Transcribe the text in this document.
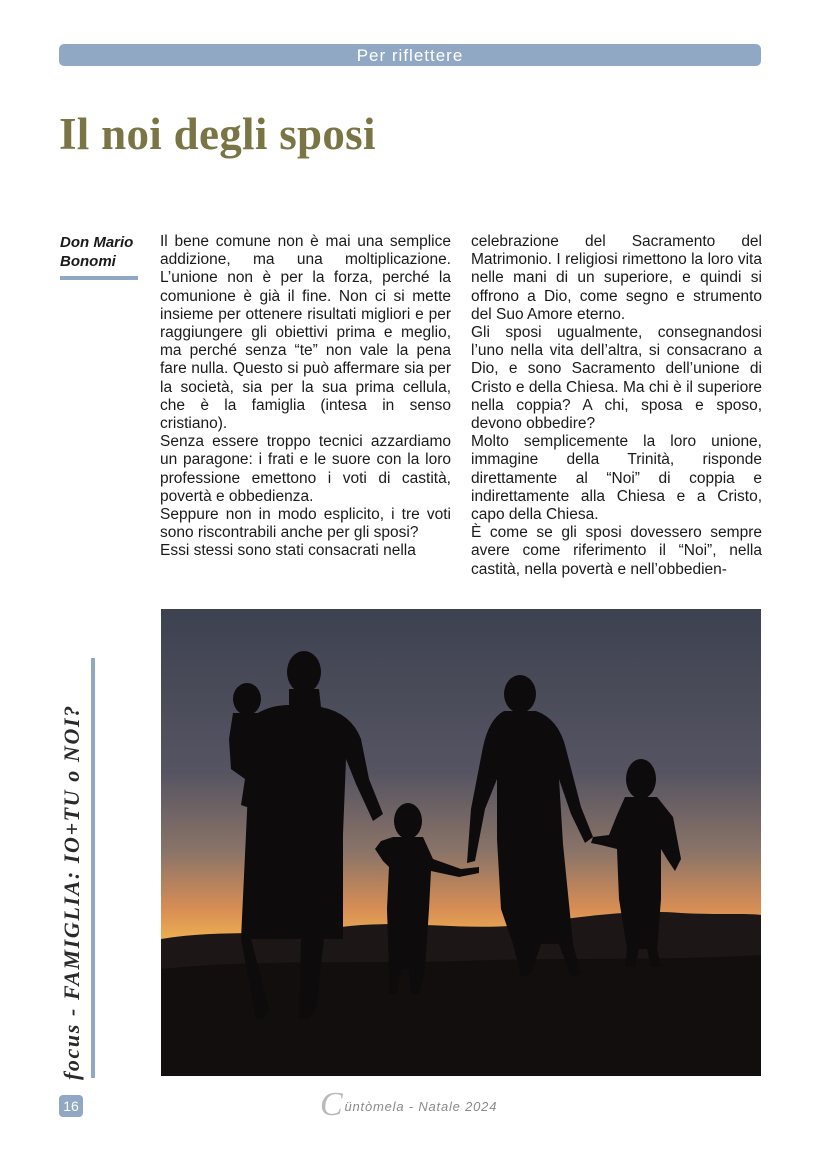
Per riflettere
Il noi degli sposi
Don Mario Bonomi

Il bene comune non è mai una semplice addizione, ma una moltiplicazione. L’unione non è per la forza, perché la comunione è già il fine. Non ci si mette insieme per ottenere risultati migliori e per raggiungere gli obiettivi prima e meglio, ma perché senza “te” non vale la pena fare nulla. Questo si può affermare sia per la società, sia per la sua prima cellula, che è la famiglia (intesa in senso cristiano).

Senza essere troppo tecnici azzardiamo un paragone: i frati e le suore con la loro professione emettono i voti di castità, povertà e obbedienza.

Seppure non in modo esplicito, i tre voti sono riscontrabili anche per gli sposi?

Essi stessi sono stati consacrati nella

celebrazione del Sacramento del Matrimonio. I religiosi rimettono la loro vita nelle mani di un superiore, e quindi si offrono a Dio, come segno e strumento del Suo Amore eterno.

Gli sposi ugualmente, consegnandosi l’uno nella vita dell’altra, si consacrano a Dio, e sono Sacramento dell’unione di Cristo e della Chiesa. Ma chi è il superiore nella coppia? A chi, sposa e sposo, devono obbedire?

Molto semplicemente la loro unione, immagine della Trinità, risponde direttamente al “Noi” di coppia e indirettamente alla Chiesa e a Cristo, capo della Chiesa.

È come se gli sposi dovessero sempre avere come riferimento il “Noi”, nella castità, nella povertà e nell’obbedien-

focus - FAMIGLIA: IO+TU o NOI?
16	Cüntòmela - Natale 2024
